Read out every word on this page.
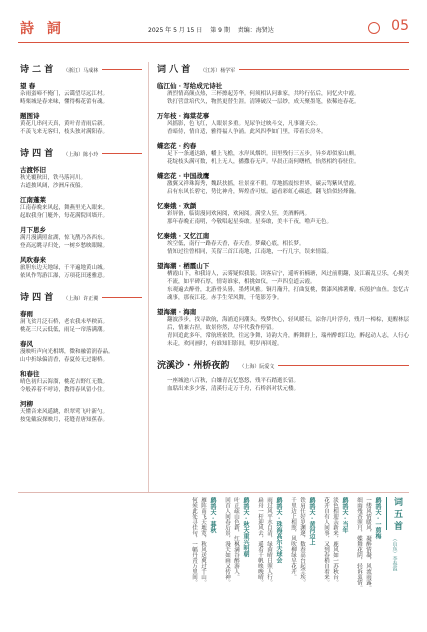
詩 詞	2025 年 5 月 15 日 第 9 期 责编：海贤达	05
诗 二 首 （浙江）马成林
望 春
杂雨蛮啼不掩门，云霭望尽远江村。
畴栗城是春来味，懂得梅花蕾有魂。
题图诗
黄花几串问天真，黄叶青青雨后新。
不羡飞来无客归，枝头独对满阳春。
诗 四 首 （上海）陈小玲
古渡怀旧
秋光覆秋田，铁马落河川。
古道披风阔，沙洲斥夜船。
江南蓬莱
江南春晚来风起，舞燕里光入眼来。
起取我身门艇外，每花满院回墙开。
月下思乡
满月漫满照盆湖，惊飞鹊乃各西东。
登高远眺寻归处，一树乡愁映眼瞳。
风吹春来
旅胆东边天地绿，千平遍地黄山城。
依风作驾游江瀑，万项花田迷雅意。
诗 四 首 （上海）许正翼
春雨
洞飞贫月泛石桥，老农我未毕秧苗。
桃花三尺云低低，雨足一帘落满潮。
春风
漫映听声向光相绑，微和融蕾润春晶。
山中折绿偏清香，春夏传无过谢桥。
和春往
晴色初归云海溜，桃花吉野红无数。
令般养着不呼诗，教得春风留小住。
河柳
天懂音来风遥跳，织翠莺飞叶新勺。
按兔戴寂探映月，花缝青唐知蕉春。
词 八 首 （江苏）杨学军
临江仙 · 写给成元诗社
酒烈情高颠点热，三杯擦起芳华。何须相认问谁家，共吟行伍后，同忆火中霞。
铁打营盘培代久，物然更替生涯。清锤破汉一层纱，成天聚墨笔，依稀连春花。
万年枝 · 海棠花事
风摇影，色飞红，人眼景多重。见尿争过映斗交，凡事谢天公。
香暗侍，情自适，雅得福人争涌。此风四季如门里，带着长房冬。
蝶恋花 · 约春
足下一条通达路，幡上飞檐，水岸凤烟织。田里残行三五步，异乡却似家山颇。
花绽枝头满可数，机上无人，播撒春无声。早晨正南何曙梢，怡然相约春驻住。
蝶恋花 · 中国战鹰
激翼又祥珠海秀，魏跃扶摇，壮景童不朝。草地摇震惊世界，碳云驾紫风望霞。
启有东风长碧宅，势比神舟，辉煌香可炫。逼看彩虹心碳道，翻飞恰似轻烽瀚。
忆秦娥 · 欢颜
彩屏备，临街漫同欢闲阅，欢闲阅。满堂人狂，美酒醉两。
那年春晚正南明，今敬唱起星奏敢。星奏敢，美丰千夜，噜声无色。
忆秦娥 · 又忆江南
埃空低，南行一路春天香，春天香。梦藏心底，相长梦。
情知过往曾相同，芙留三首江南地，江南地，一行几字，误来情篇。
望海潮 · 栖霞山下
栖霞山下，和我诗人，云雾疑似我装。读客启宁，遥听祈楠瑭，风过前朝翻，及江霸乱豆乐，心揭美不流，如平碑石厚，情寄谁家，相挑如仪，一声四皇道云霞。
东观遍去醉骨，北游骨头晷，墨烤风雅。铜月瀚升，打曲复桃，微漆风拂薯瓣。疾般护血鱼。忽忆古魂事，那夜江花。赤手生荣风舞，千笔影芳争。
望海潮 · 海南
翻波涉步，找寻欲航，海浦追问潮头。残梦快心，轻风暖石，凉你几叶浮舟，残月一樟棕，更醒林层后，情兼古涅，故景你然，尽牢代我作停留。
青回追此多年，常航班依铁，往远争舞，诗韵大舟，醉舞群上，瑞州酔朗江边，醉起动人志，人行心未走，欢同画时，有谁知旧影间，明岁再回遊。
浣溪沙 · 州桥夜韵 （上海）阮爱文
一座城池八百秋，白嫌青瓦忆悠悠，残平石踏逝长留。
血聒出来多少客，清溪行走万千舟，石桥斜对状元楼。
词 五 首
（山东）李春霞
鹧鸪天 · 一剪梅
一缕风情暖风，凝醉情凝，风流雨露。
细雨残香照月，蝶舞花阴，轻诉衷情。
鹧鸪天 · 当年
淡色相迎亲新来，鹿风如一苏秋台。
花开自有人间事，又到春梢自着来。
鹧鸪天 · 黄河边上
铁肩任好岁渊邃，数春高台起尘埃。
千里边上相照，风吹柳绿早花开。
鹧鸪天 · 珠海高尔夫球会
雨过风平水自清，绿茵晴日照人行。
扁舟一杆迎风去，遥看千帆映晚晴。
鹧鸪天 · 秋天重兴明朝
叶正疏山色新，红枫满谷醉游人。
回首人间春后景，漫天如画又传神。
鹧鸪天 · 暮秋
雁阵南飞天地宽，秋风送爽过千山。
何须此处寻佳句，一幅丹青万里间。
